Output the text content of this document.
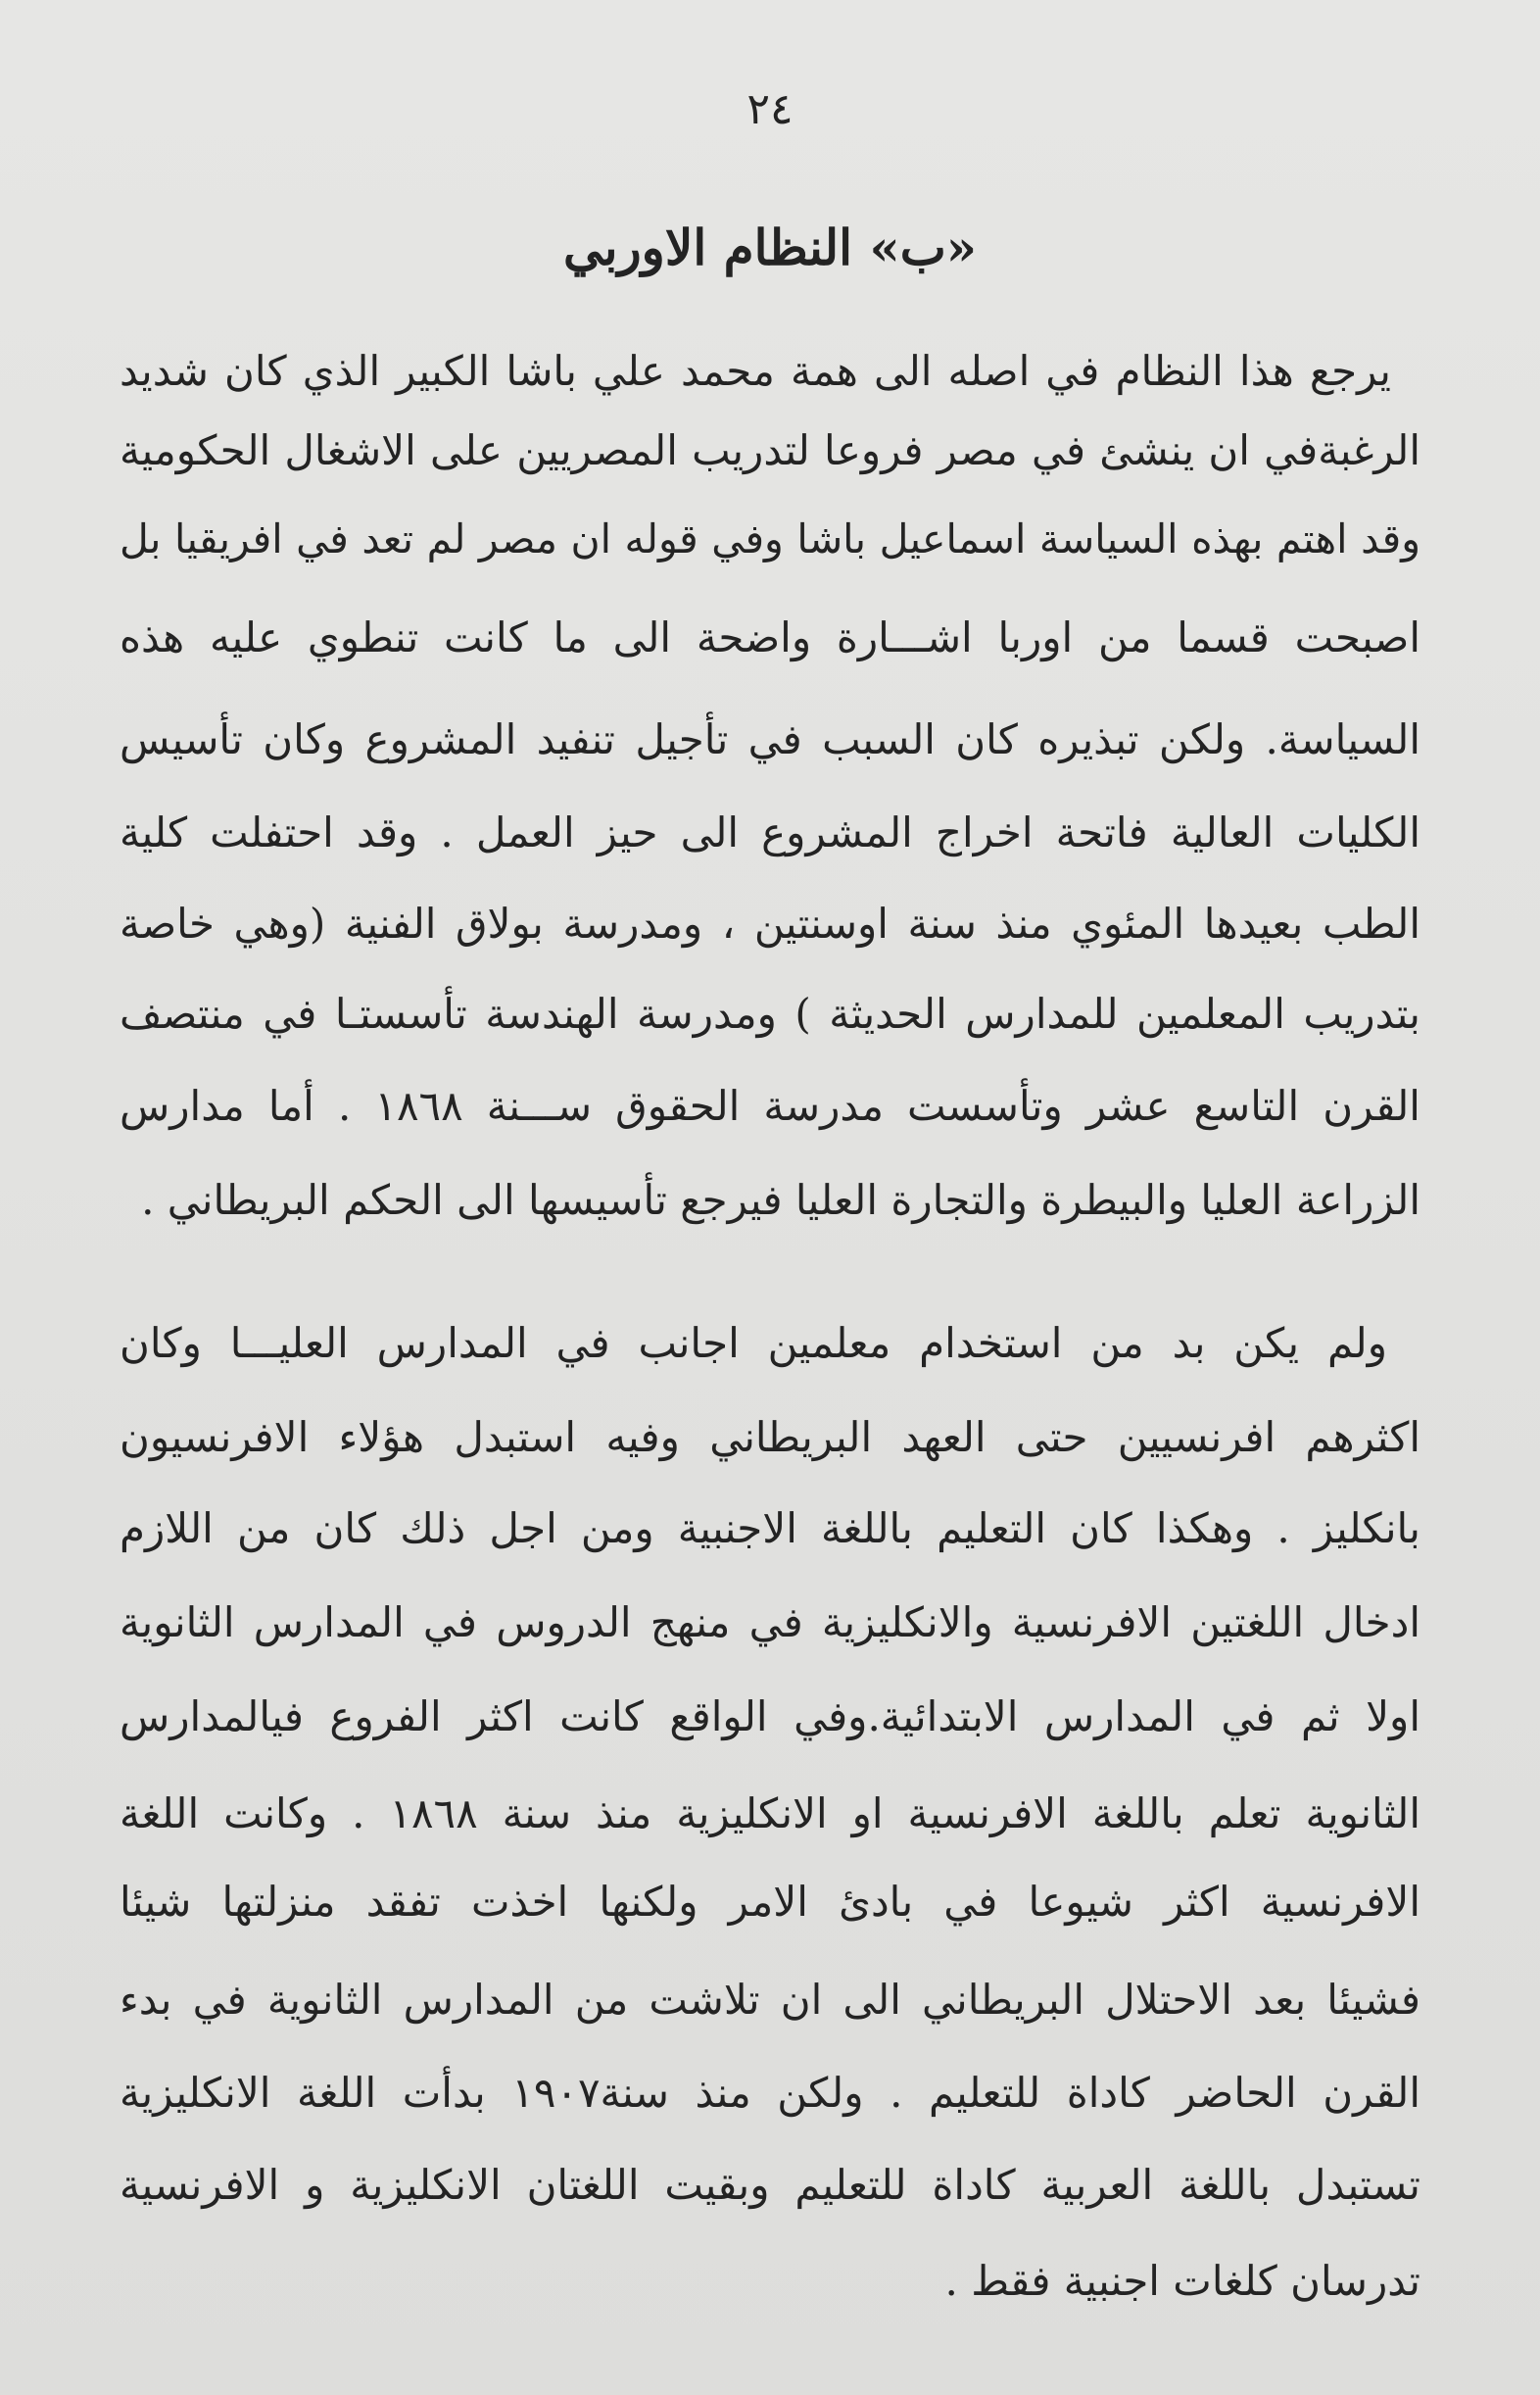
٢٤
«ب» النظام الاوربي
يرجع هذا النظام في اصله الى همة محمد علي باشا الكبير الذي كان شديد
الرغبةفي ان ينشئ في مصر فروعا لتدريب المصريين على الاشغال الحكومية
وقد اهتم بهذه السياسة اسماعيل باشا وفي قوله ان مصر لم تعد في افريقيا بل
اصبحت قسما من اوربا اشـــارة واضحة الى ما كانت تنطوي عليه هذه
السياسة. ولكن تبذيره كان السبب في تأجيل تنفيد المشروع وكان تأسيس
الكليات العالية فاتحة اخراج المشروع الى حيز العمل . وقد احتفلت كلية
الطب بعيدها المئوي منذ سنة اوسنتين ، ومدرسة بولاق الفنية (وهي خاصة
بتدريب المعلمين للمدارس الحديثة ) ومدرسة الهندسة تأسستـا في منتصف
القرن التاسع عشر وتأسست مدرسة الحقوق ســـنة ١٨٦٨ . أما مدارس
الزراعة العليا والبيطرة والتجارة العليا فيرجع تأسيسها الى الحكم البريطاني .
ولم يكن بد من استخدام معلمين اجانب في المدارس العليـــا وكان
اكثرهم افرنسيين حتى العهد البريطاني وفيه استبدل هؤلاء الافرنسيون
بانكليز . وهكذا كان التعليم باللغة الاجنبية ومن اجل ذلك كان من اللازم
ادخال اللغتين الافرنسية والانكليزية في منهج الدروس في المدارس الثانوية
اولا ثم في المدارس الابتدائية.وفي الواقع كانت اكثر الفروع فيالمدارس
الثانوية تعلم باللغة الافرنسية او الانكليزية منذ سنة ١٨٦٨ . وكانت اللغة
الافرنسية اكثر شيوعا في بادئ الامر ولكنها اخذت تفقد منزلتها شيئا
فشيئا بعد الاحتلال البريطاني الى ان تلاشت من المدارس الثانوية في بدء
القرن الحاضر كاداة للتعليم . ولكن منذ سنة١٩٠٧ بدأت اللغة الانكليزية
تستبدل باللغة العربية كاداة للتعليم وبقيت اللغتان الانكليزية و الافرنسية
تدرسان كلغات اجنبية فقط .
